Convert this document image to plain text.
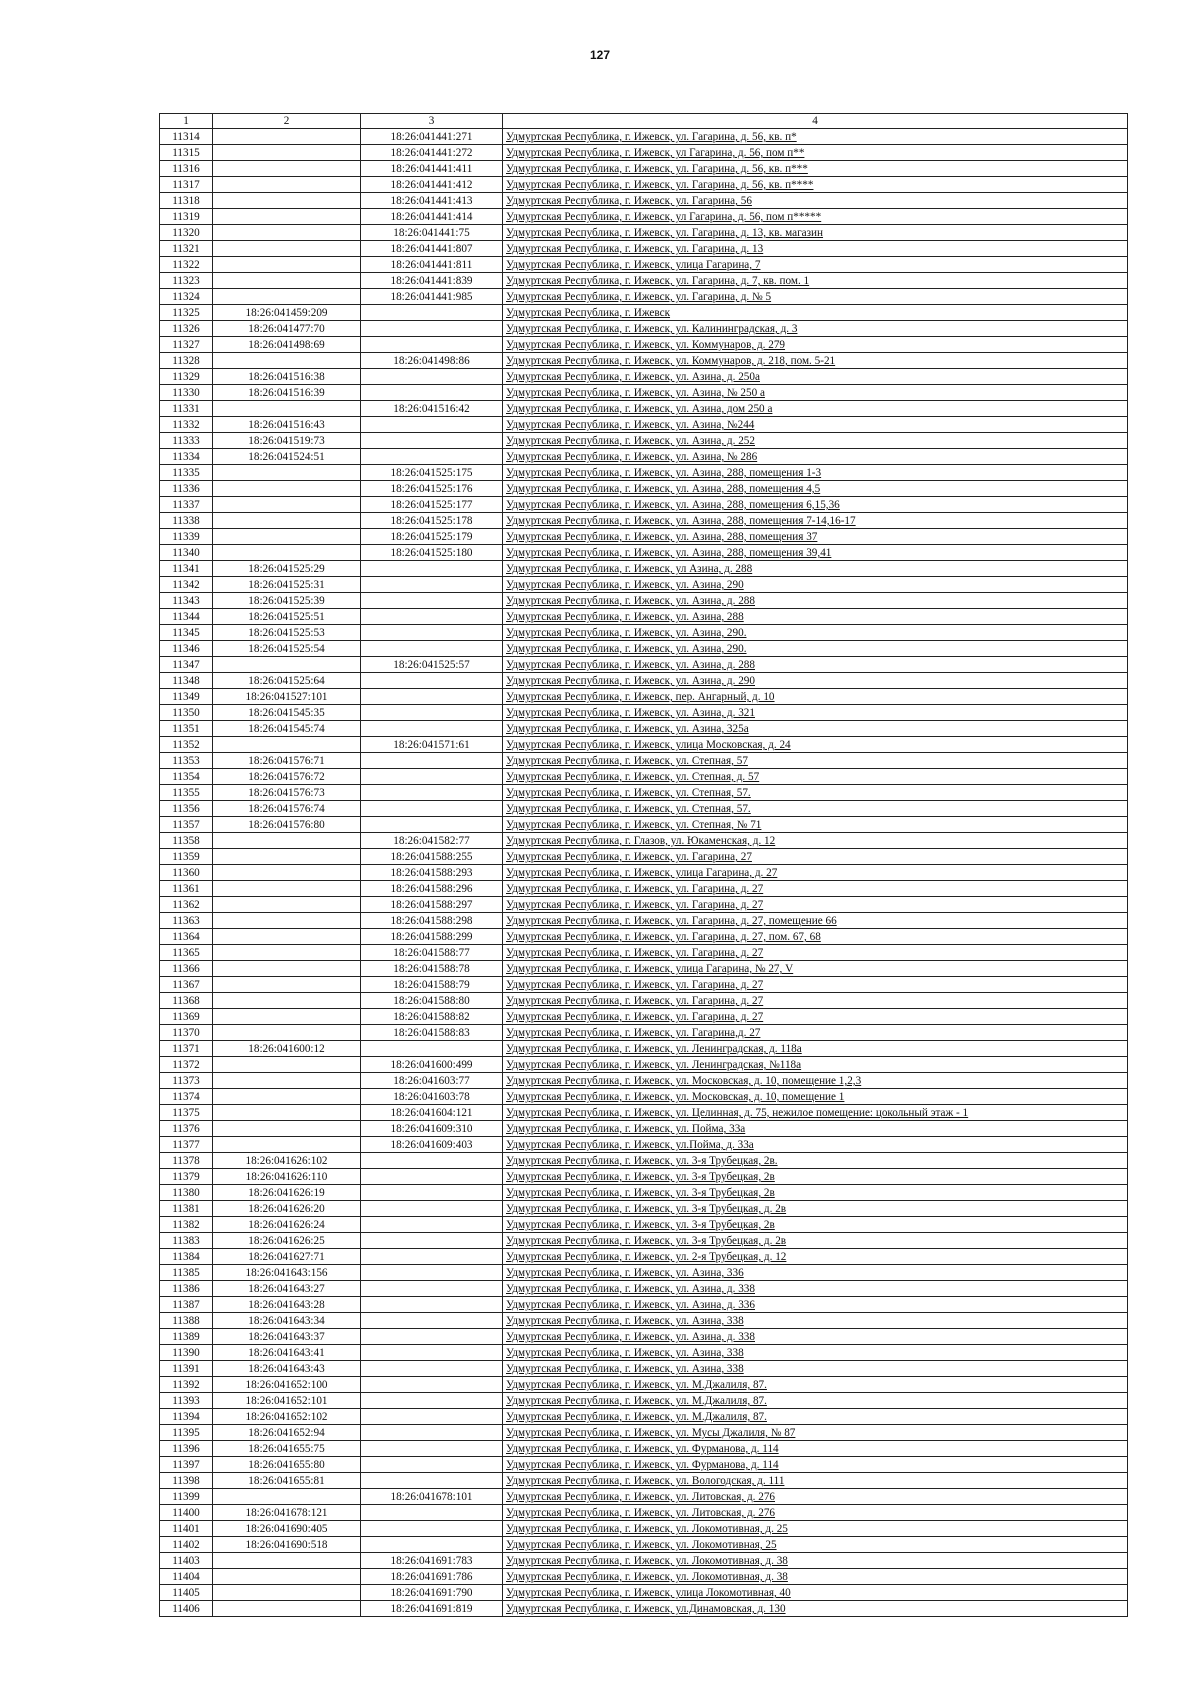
127
1	2	3	4
11314		18:26:041441:271	Удмуртская Республика, г. Ижевск, ул. Гагарина, д. 56, кв. п*
11315		18:26:041441:272	Удмуртская Республика, г. Ижевск, ул Гагарина, д. 56, пом п**
11316		18:26:041441:411	Удмуртская Республика, г. Ижевск, ул. Гагарина, д. 56, кв. п***
11317		18:26:041441:412	Удмуртская Республика, г. Ижевск, ул. Гагарина, д. 56, кв. п****
11318		18:26:041441:413	Удмуртская Республика, г. Ижевск, ул. Гагарина, 56
11319		18:26:041441:414	Удмуртская Республика, г. Ижевск, ул Гагарина, д. 56, пом п*****
11320		18:26:041441:75	Удмуртская Республика, г. Ижевск, ул. Гагарина, д. 13, кв. магазин
11321		18:26:041441:807	Удмуртская Республика, г. Ижевск, ул. Гагарина, д. 13
11322		18:26:041441:811	Удмуртская Республика, г. Ижевск, улица Гагарина, 7
11323		18:26:041441:839	Удмуртская Республика, г. Ижевск, ул. Гагарина, д. 7, кв. пом. 1
11324		18:26:041441:985	Удмуртская Республика, г. Ижевск, ул. Гагарина, д. № 5
11325	18:26:041459:209		Удмуртская Республика, г. Ижевск
11326	18:26:041477:70		Удмуртская Республика, г. Ижевск, ул. Калининградская, д. 3
11327	18:26:041498:69		Удмуртская Республика, г. Ижевск, ул. Коммунаров, д. 279
11328		18:26:041498:86	Удмуртская Республика, г. Ижевск, ул. Коммунаров, д. 218, пом. 5-21
11329	18:26:041516:38		Удмуртская Республика, г. Ижевск, ул. Азина, д. 250а
11330	18:26:041516:39		Удмуртская Республика, г. Ижевск, ул. Азина, № 250 а
11331		18:26:041516:42	Удмуртская Республика, г. Ижевск, ул. Азина, дом 250 а
11332	18:26:041516:43		Удмуртская Республика, г. Ижевск, ул. Азина, №244
11333	18:26:041519:73		Удмуртская Республика, г. Ижевск, ул. Азина, д. 252
11334	18:26:041524:51		Удмуртская Республика, г. Ижевск, ул. Азина, № 286
11335		18:26:041525:175	Удмуртская Республика, г. Ижевск, ул. Азина, 288, помещения 1-3
11336		18:26:041525:176	Удмуртская Республика, г. Ижевск, ул. Азина, 288, помещения 4,5
11337		18:26:041525:177	Удмуртская Республика, г. Ижевск, ул. Азина, 288, помещения 6,15,36
11338		18:26:041525:178	Удмуртская Республика, г. Ижевск, ул. Азина, 288, помещения 7-14,16-17
11339		18:26:041525:179	Удмуртская Республика, г. Ижевск, ул. Азина, 288, помещения 37
11340		18:26:041525:180	Удмуртская Республика, г. Ижевск, ул. Азина, 288, помещения 39,41
11341	18:26:041525:29		Удмуртская Республика, г. Ижевск, ул Азина, д. 288
11342	18:26:041525:31		Удмуртская Республика, г. Ижевск, ул. Азина, 290
11343	18:26:041525:39		Удмуртская Республика, г. Ижевск, ул. Азина, д. 288
11344	18:26:041525:51		Удмуртская Республика, г. Ижевск, ул. Азина, 288
11345	18:26:041525:53		Удмуртская Республика, г. Ижевск, ул. Азина, 290.
11346	18:26:041525:54		Удмуртская Республика, г. Ижевск, ул. Азина, 290.
11347		18:26:041525:57	Удмуртская Республика, г. Ижевск, ул. Азина, д. 288
11348	18:26:041525:64		Удмуртская Республика, г. Ижевск, ул. Азина, д. 290
11349	18:26:041527:101		Удмуртская Республика, г. Ижевск, пер. Ангарный, д. 10
11350	18:26:041545:35		Удмуртская Республика, г. Ижевск, ул. Азина, д. 321
11351	18:26:041545:74		Удмуртская Республика, г. Ижевск, ул. Азина, 325а
11352		18:26:041571:61	Удмуртская Республика, г. Ижевск, улица Московская, д. 24
11353	18:26:041576:71		Удмуртская Республика, г. Ижевск, ул. Степная, 57
11354	18:26:041576:72		Удмуртская Республика, г. Ижевск, ул. Степная, д. 57
11355	18:26:041576:73		Удмуртская Республика, г. Ижевск, ул. Степная, 57.
11356	18:26:041576:74		Удмуртская Республика, г. Ижевск, ул. Степная, 57.
11357	18:26:041576:80		Удмуртская Республика, г. Ижевск, ул. Степная, № 71
11358		18:26:041582:77	Удмуртская Республика, г. Глазов, ул. Юкаменская, д. 12
11359		18:26:041588:255	Удмуртская Республика, г. Ижевск, ул. Гагарина, 27
11360		18:26:041588:293	Удмуртская Республика, г. Ижевск, улица Гагарина, д. 27
11361		18:26:041588:296	Удмуртская Республика, г. Ижевск, ул. Гагарина, д. 27
11362		18:26:041588:297	Удмуртская Республика, г. Ижевск, ул. Гагарина, д. 27
11363		18:26:041588:298	Удмуртская Республика, г. Ижевск, ул. Гагарина, д. 27, помещение 66
11364		18:26:041588:299	Удмуртская Республика, г. Ижевск, ул. Гагарина, д. 27, пом. 67, 68
11365		18:26:041588:77	Удмуртская Республика, г. Ижевск, ул. Гагарина, д. 27
11366		18:26:041588:78	Удмуртская Республика, г. Ижевск, улица Гагарина, № 27, V
11367		18:26:041588:79	Удмуртская Республика, г. Ижевск, ул. Гагарина, д. 27
11368		18:26:041588:80	Удмуртская Республика, г. Ижевск, ул. Гагарина, д. 27
11369		18:26:041588:82	Удмуртская Республика, г. Ижевск, ул. Гагарина, д. 27
11370		18:26:041588:83	Удмуртская Республика, г. Ижевск, ул. Гагарина,д. 27
11371	18:26:041600:12		Удмуртская Республика, г. Ижевск, ул. Ленинградская, д. 118а
11372		18:26:041600:499	Удмуртская Республика, г. Ижевск, ул. Ленинградская, №118а
11373		18:26:041603:77	Удмуртская Республика, г. Ижевск, ул. Московская, д. 10, помещение 1,2,3
11374		18:26:041603:78	Удмуртская Республика, г. Ижевск, ул. Московская, д. 10, помещение 1
11375		18:26:041604:121	Удмуртская Республика, г. Ижевск, ул. Целинная, д. 75, нежилое помещение: цокольный этаж - 1
11376		18:26:041609:310	Удмуртская Республика, г. Ижевск, ул. Пойма, 33а
11377		18:26:041609:403	Удмуртская Республика, г. Ижевск, ул.Пойма, д. 33а
11378	18:26:041626:102		Удмуртская Республика, г. Ижевск, ул. 3-я Трубецкая, 2в.
11379	18:26:041626:110		Удмуртская Республика, г. Ижевск, ул. 3-я Трубецкая, 2в
11380	18:26:041626:19		Удмуртская Республика, г. Ижевск, ул. 3-я Трубецкая, 2в
11381	18:26:041626:20		Удмуртская Республика, г. Ижевск, ул. 3-я Трубецкая, д. 2в
11382	18:26:041626:24		Удмуртская Республика, г. Ижевск, ул. 3-я Трубецкая, 2в
11383	18:26:041626:25		Удмуртская Республика, г. Ижевск, ул. 3-я Трубецкая, д. 2в
11384	18:26:041627:71		Удмуртская Республика, г. Ижевск, ул. 2-я Трубецкая, д. 12
11385	18:26:041643:156		Удмуртская Республика, г. Ижевск, ул. Азина, 336
11386	18:26:041643:27		Удмуртская Республика, г. Ижевск, ул. Азина, д. 338
11387	18:26:041643:28		Удмуртская Республика, г. Ижевск, ул. Азина, д. 336
11388	18:26:041643:34		Удмуртская Республика, г. Ижевск, ул. Азина, 338
11389	18:26:041643:37		Удмуртская Республика, г. Ижевск, ул. Азина, д. 338
11390	18:26:041643:41		Удмуртская Республика, г. Ижевск, ул. Азина, 338
11391	18:26:041643:43		Удмуртская Республика, г. Ижевск, ул. Азина, 338
11392	18:26:041652:100		Удмуртская Республика, г. Ижевск, ул. М.Джалиля, 87.
11393	18:26:041652:101		Удмуртская Республика, г. Ижевск, ул. М.Джалиля, 87.
11394	18:26:041652:102		Удмуртская Республика, г. Ижевск, ул. М.Джалиля, 87.
11395	18:26:041652:94		Удмуртская Республика, г. Ижевск, ул. Мусы Джалиля, № 87
11396	18:26:041655:75		Удмуртская Республика, г. Ижевск, ул. Фурманова, д. 114
11397	18:26:041655:80		Удмуртская Республика, г. Ижевск, ул. Фурманова, д. 114
11398	18:26:041655:81		Удмуртская Республика, г. Ижевск, ул. Вологодская, д. 111
11399		18:26:041678:101	Удмуртская Республика, г. Ижевск, ул. Литовская, д. 276
11400	18:26:041678:121		Удмуртская Республика, г. Ижевск, ул. Литовская, д. 276
11401	18:26:041690:405		Удмуртская Республика, г. Ижевск, ул. Локомотивная, д. 25
11402	18:26:041690:518		Удмуртская Республика, г. Ижевск, ул. Локомотивная, 25
11403		18:26:041691:783	Удмуртская Республика, г. Ижевск, ул. Локомотивная, д. 38
11404		18:26:041691:786	Удмуртская Республика, г. Ижевск, ул. Локомотивная, д. 38
11405		18:26:041691:790	Удмуртская Республика, г. Ижевск, улица Локомотивная, 40
11406		18:26:041691:819	Удмуртская Республика, г. Ижевск, ул.Динамовская, д. 130
